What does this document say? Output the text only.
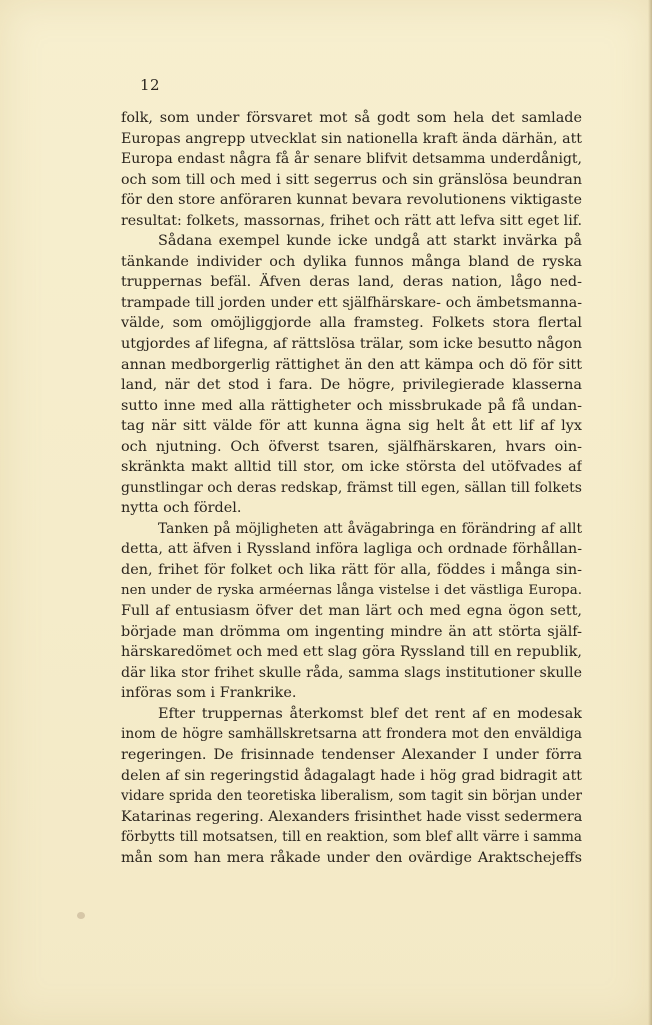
12
folk, som under försvaret mot så godt som hela det samlade
Europas angrepp utvecklat sin nationella kraft ända därhän, att
Europa endast några få år senare blifvit detsamma underdånigt,
och som till och med i sitt segerrus och sin gränslösa beundran
för den store anföraren kunnat bevara revolutionens viktigaste
resultat: folkets, massornas, frihet och rätt att lefva sitt eget lif.
Sådana exempel kunde icke undgå att starkt invärka på
tänkande individer och dylika funnos många bland de ryska
truppernas befäl. Äfven deras land, deras nation, lågo ned-
trampade till jorden under ett själfhärskare- och ämbetsmanna-
välde, som omöjliggjorde alla framsteg. Folkets stora flertal
utgjordes af lifegna, af rättslösa trälar, som icke besutto någon
annan medborgerlig rättighet än den att kämpa och dö för sitt
land, när det stod i fara. De högre, privilegierade klasserna
sutto inne med alla rättigheter och missbrukade på få undan-
tag när sitt välde för att kunna ägna sig helt åt ett lif af lyx
och njutning. Och öfverst tsaren, själfhärskaren, hvars oin-
skränkta makt alltid till stor, om icke största del utöfvades af
gunstlingar och deras redskap, främst till egen, sällan till folkets
nytta och fördel.
Tanken på möjligheten att åvägabringa en förändring af allt
detta, att äfven i Ryssland införa lagliga och ordnade förhållan-
den, frihet för folket och lika rätt för alla, föddes i många sin-
nen under de ryska arméernas långa vistelse i det västliga Europa.
Full af entusiasm öfver det man lärt och med egna ögon sett,
började man drömma om ingenting mindre än att störta själf-
härskaredömet och med ett slag göra Ryssland till en republik,
där lika stor frihet skulle råda, samma slags institutioner skulle
införas som i Frankrike.
Efter truppernas återkomst blef det rent af en modesak
inom de högre samhällskretsarna att frondera mot den enväldiga
regeringen. De frisinnade tendenser Alexander I under förra
delen af sin regeringstid ådagalagt hade i hög grad bidragit att
vidare sprida den teoretiska liberalism, som tagit sin början under
Katarinas regering. Alexanders frisinthet hade visst sedermera
förbytts till motsatsen, till en reaktion, som blef allt värre i samma
mån som han mera råkade under den ovärdige Araktschejeffs
